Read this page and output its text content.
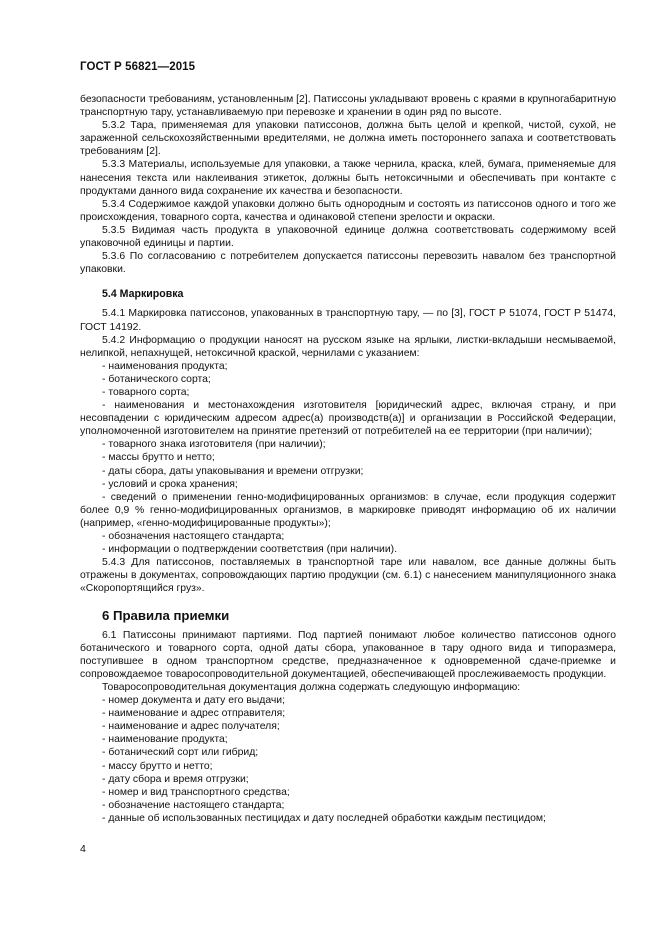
ГОСТ Р 56821—2015

безопасности требованиям, установленным [2]. Патиссоны укладывают вровень с краями в крупногабаритную транспортную тару, устанавливаемую при перевозке и хранении в один ряд по высоте.

5.3.2 Тара, применяемая для упаковки патиссонов, должна быть целой и крепкой, чистой, сухой, не зараженной сельскохозяйственными вредителями, не должна иметь постороннего запаха и соответствовать требованиям [2].

5.3.3 Материалы, используемые для упаковки, а также чернила, краска, клей, бумага, применяемые для нанесения текста или наклеивания этикеток, должны быть нетоксичными и обеспечивать при контакте с продуктами данного вида сохранение их качества и безопасности.

5.3.4 Содержимое каждой упаковки должно быть однородным и состоять из патиссонов одного и того же происхождения, товарного сорта, качества и одинаковой степени зрелости и окраски.

5.3.5 Видимая часть продукта в упаковочной единице должна соответствовать содержимому всей упаковочной единицы и партии.

5.3.6 По согласованию с потребителем допускается патиссоны перевозить навалом без транспортной упаковки.

5.4 Маркировка

5.4.1 Маркировка патиссонов, упакованных в транспортную тару, — по [3], ГОСТ Р 51074, ГОСТ Р 51474, ГОСТ 14192.

5.4.2 Информацию о продукции наносят на русском языке на ярлыки, листки-вкладыши несмываемой, нелипкой, непахнущей, нетоксичной краской, чернилами с указанием:

- наименования продукта;

- ботанического сорта;

- товарного сорта;

- наименования и местонахождения изготовителя [юридический адрес, включая страну, и при несовпадении с юридическим адресом адрес(а) производств(а)] и организации в Российской Федерации, уполномоченной изготовителем на принятие претензий от потребителей на ее территории (при наличии);

- товарного знака изготовителя (при наличии);

- массы брутто и нетто;

- даты сбора, даты упаковывания и времени отгрузки;

- условий и срока хранения;

- сведений о применении генно-модифицированных организмов: в случае, если продукция содержит более 0,9 % генно-модифицированных организмов, в маркировке приводят информацию об их наличии (например, «генно-модифицированные продукты»);

- обозначения настоящего стандарта;

- информации о подтверждении соответствия (при наличии).

5.4.3 Для патиссонов, поставляемых в транспортной таре или навалом, все данные должны быть отражены в документах, сопровождающих партию продукции (см. 6.1) с нанесением манипуляционного знака «Скоропортящийся груз».

6 Правила приемки

6.1 Патиссоны принимают партиями. Под партией понимают любое количество патиссонов одного ботанического и товарного сорта, одной даты сбора, упакованное в тару одного вида и типоразмера, поступившее в одном транспортном средстве, предназначенное к одновременной сдаче-приемке и сопровождаемое товаросопроводительной документацией, обеспечивающей прослеживаемость продукции.

Товаросопроводительная документация должна содержать следующую информацию:

- номер документа и дату его выдачи;

- наименование и адрес отправителя;

- наименование и адрес получателя;

- наименование продукта;

- ботанический сорт или гибрид;

- массу брутто и нетто;

- дату сбора и время отгрузки;

- номер и вид транспортного средства;

- обозначение настоящего стандарта;

- данные об использованных пестицидах и дату последней обработки каждым пестицидом;

4
